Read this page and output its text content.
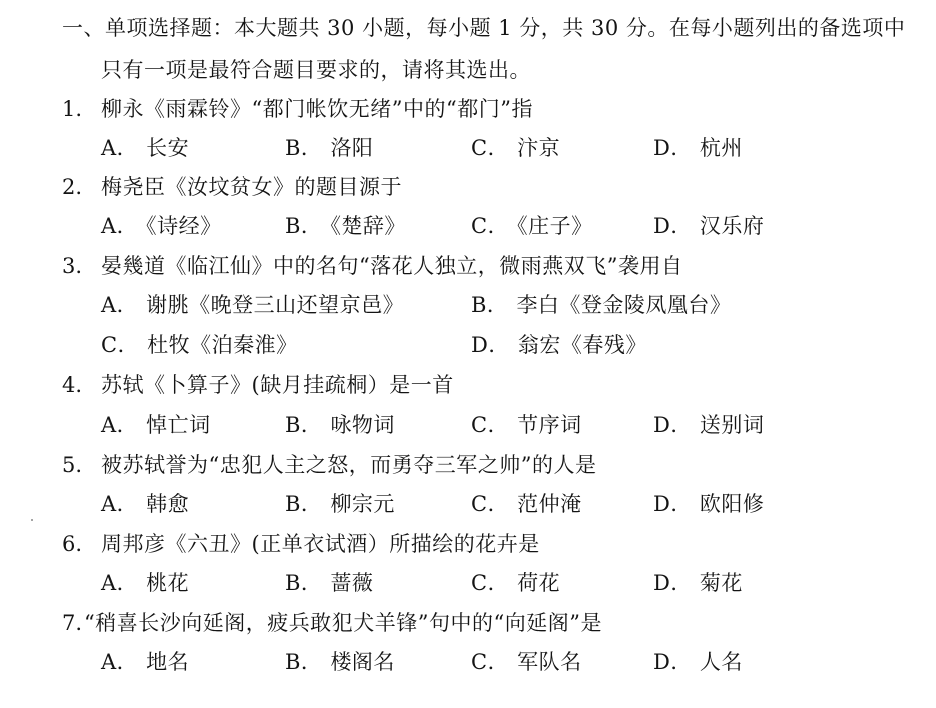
一、单项选择题：本大题共 30 小题，每小题 1 分，共 30 分。在每小题列出的备选项中
只有一项是最符合题目要求的，请将其选出。
1. 柳永《雨霖铃》“都门帐饮无绪”中的“都门”指
A． 长安	B． 洛阳	C． 汴京	D． 杭州
2. 梅尧臣《汝坟贫女》的题目源于
A． 《诗经》	B． 《楚辞》	C． 《庄子》	D． 汉乐府
3. 晏幾道《临江仙》中的名句“落花人独立，微雨燕双飞”袭用自
A． 谢朓《晚登三山还望京邑》	B． 李白《登金陵凤凰台》
C． 杜牧《泊秦淮》	D． 翁宏《春残》
4. 苏轼《卜算子》(缺月挂疏桐）是一首
A． 悼亡词	B． 咏物词	C． 节序词	D． 送别词
5. 被苏轼誉为“忠犯人主之怒，而勇夺三军之帅”的人是
A． 韩愈	B． 柳宗元	C． 范仲淹	D． 欧阳修
6. 周邦彦《六丑》(正单衣试酒）所描绘的花卉是
A． 桃花	B． 蔷薇	C． 荷花	D． 菊花
7. “稍喜长沙向延阁，疲兵敢犯犬羊锋”句中的“向延阁”是
A． 地名	B． 楼阁名	C． 军队名	D． 人名
